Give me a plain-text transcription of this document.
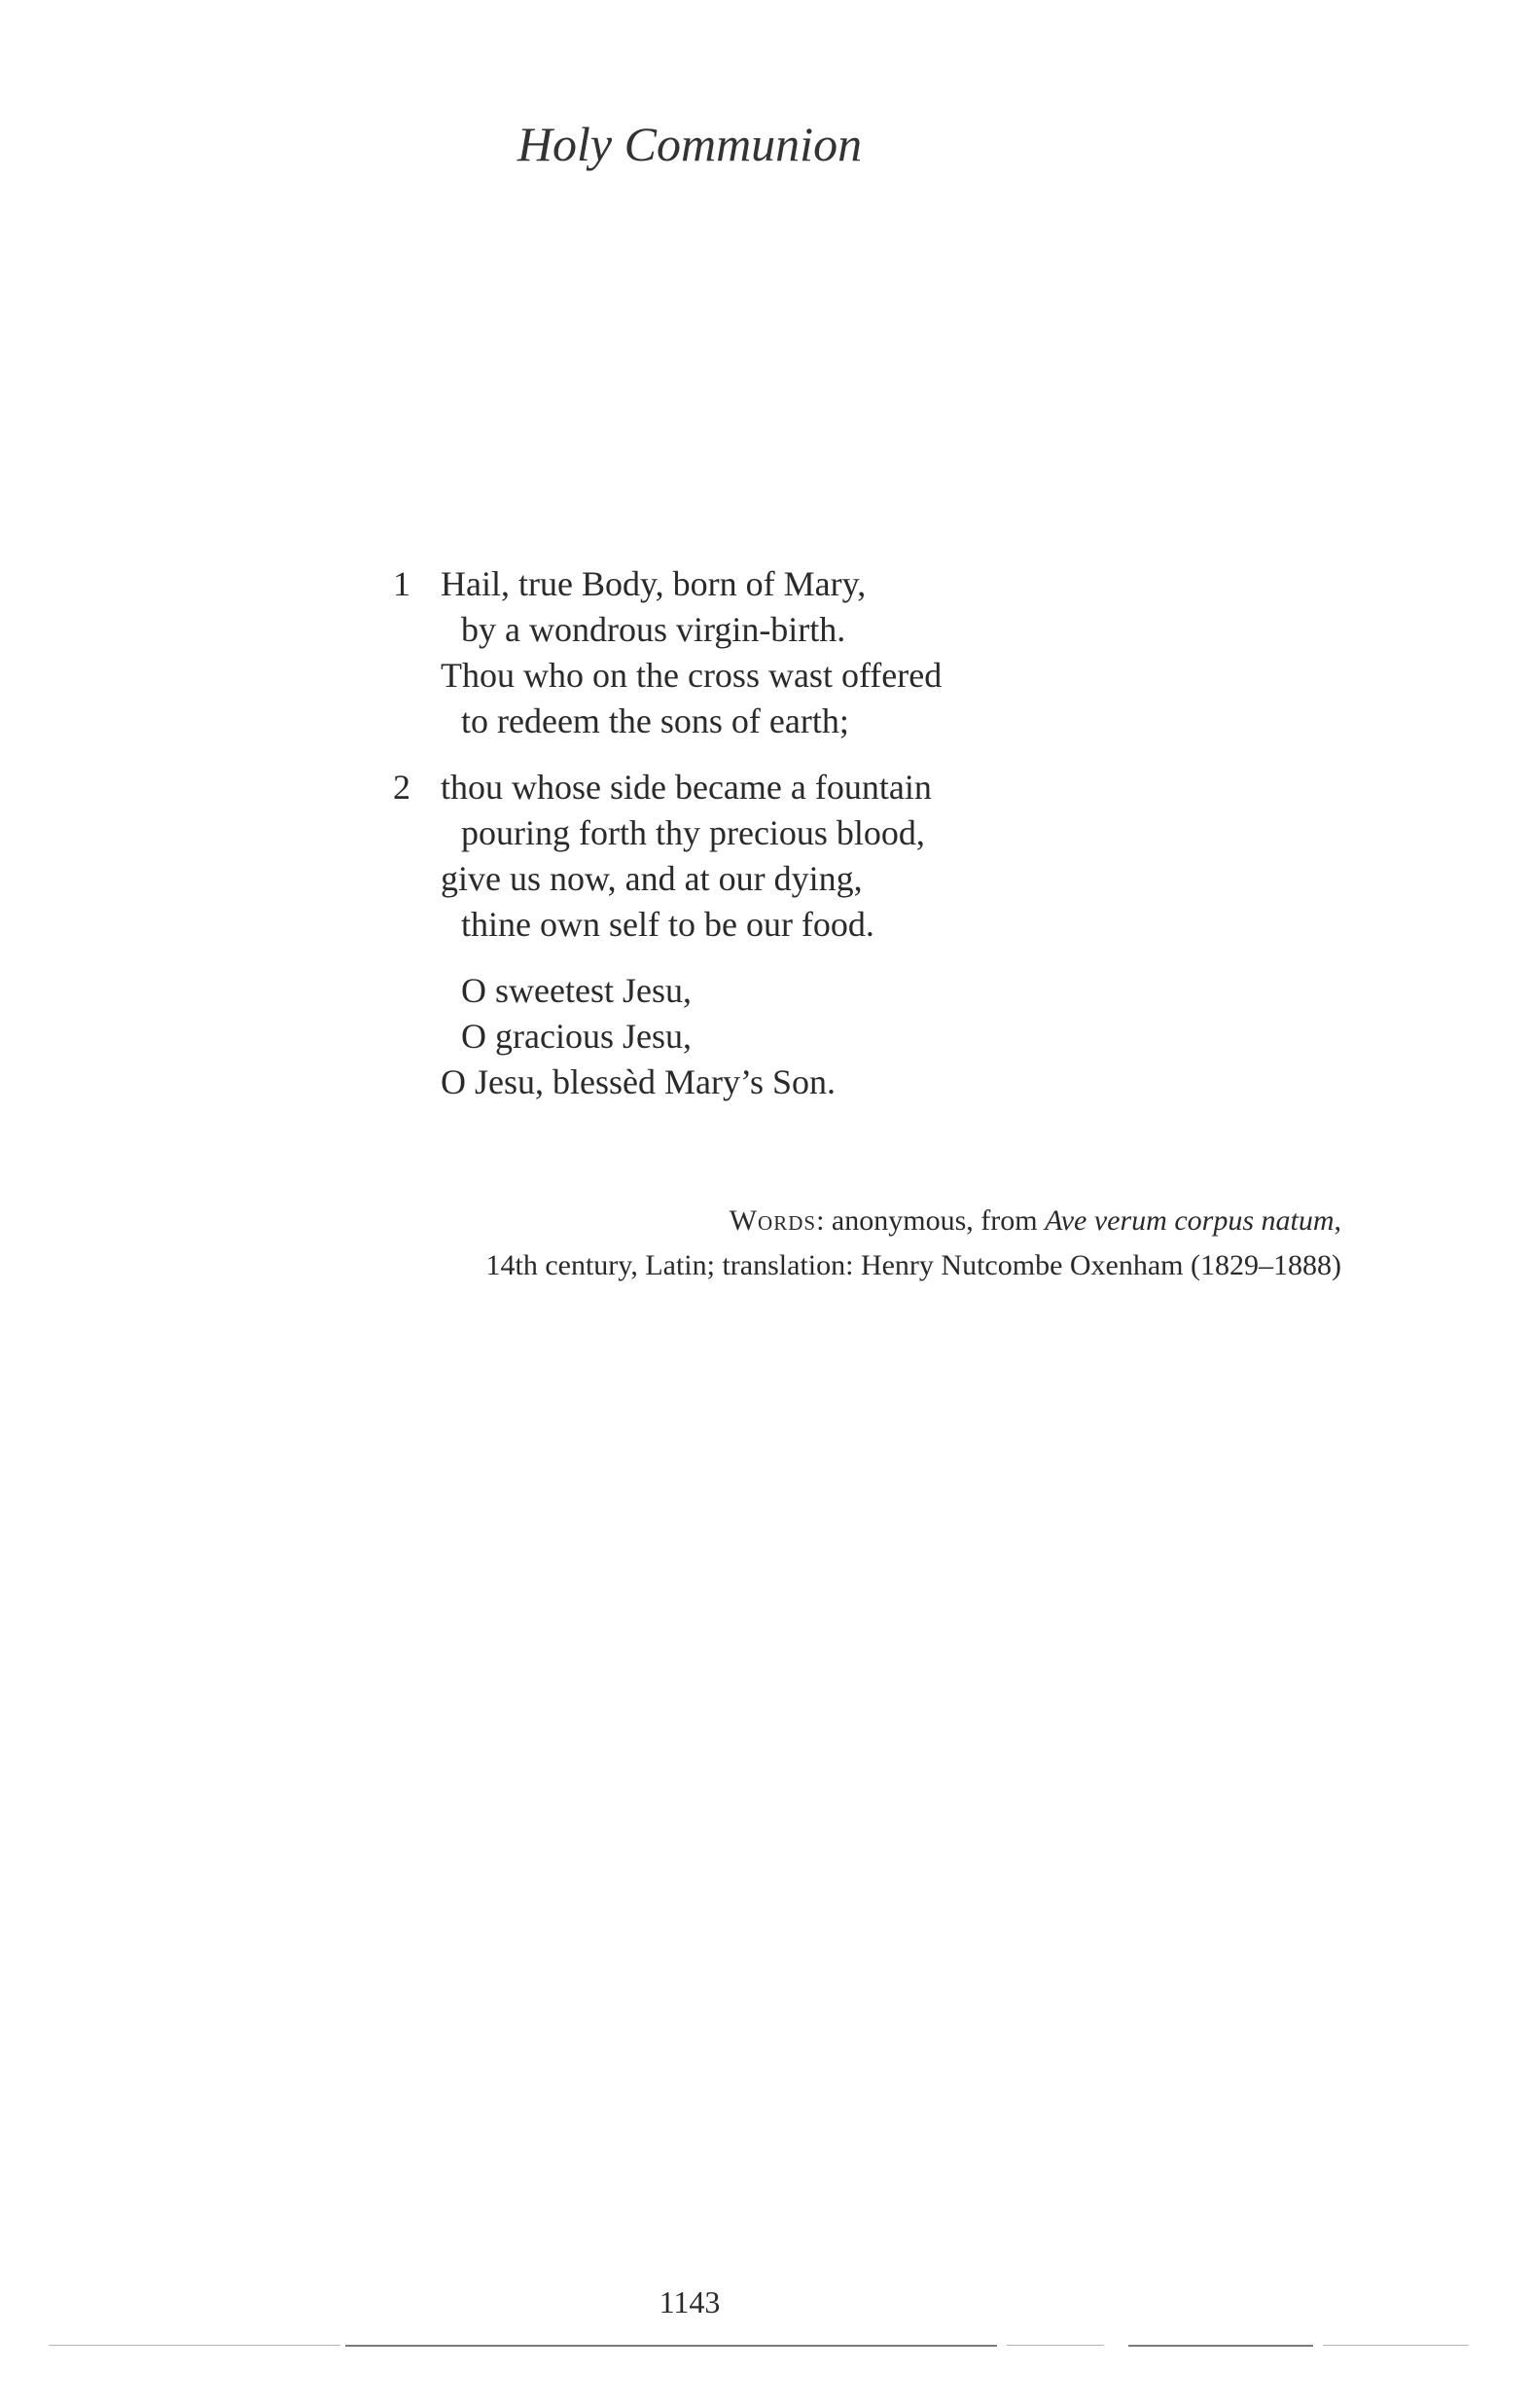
Holy Communion
1 Hail, true Body, born of Mary,
by a wondrous virgin-birth.
Thou who on the cross wast offered
to redeem the sons of earth;
2 thou whose side became a fountain
pouring forth thy precious blood,
give us now, and at our dying,
thine own self to be our food.
O sweetest Jesu,
O gracious Jesu,
O Jesu, blessèd Mary’s Son.
Words: anonymous, from Ave verum corpus natum,
14th century, Latin; translation: Henry Nutcombe Oxenham (1829–1888)
1143
